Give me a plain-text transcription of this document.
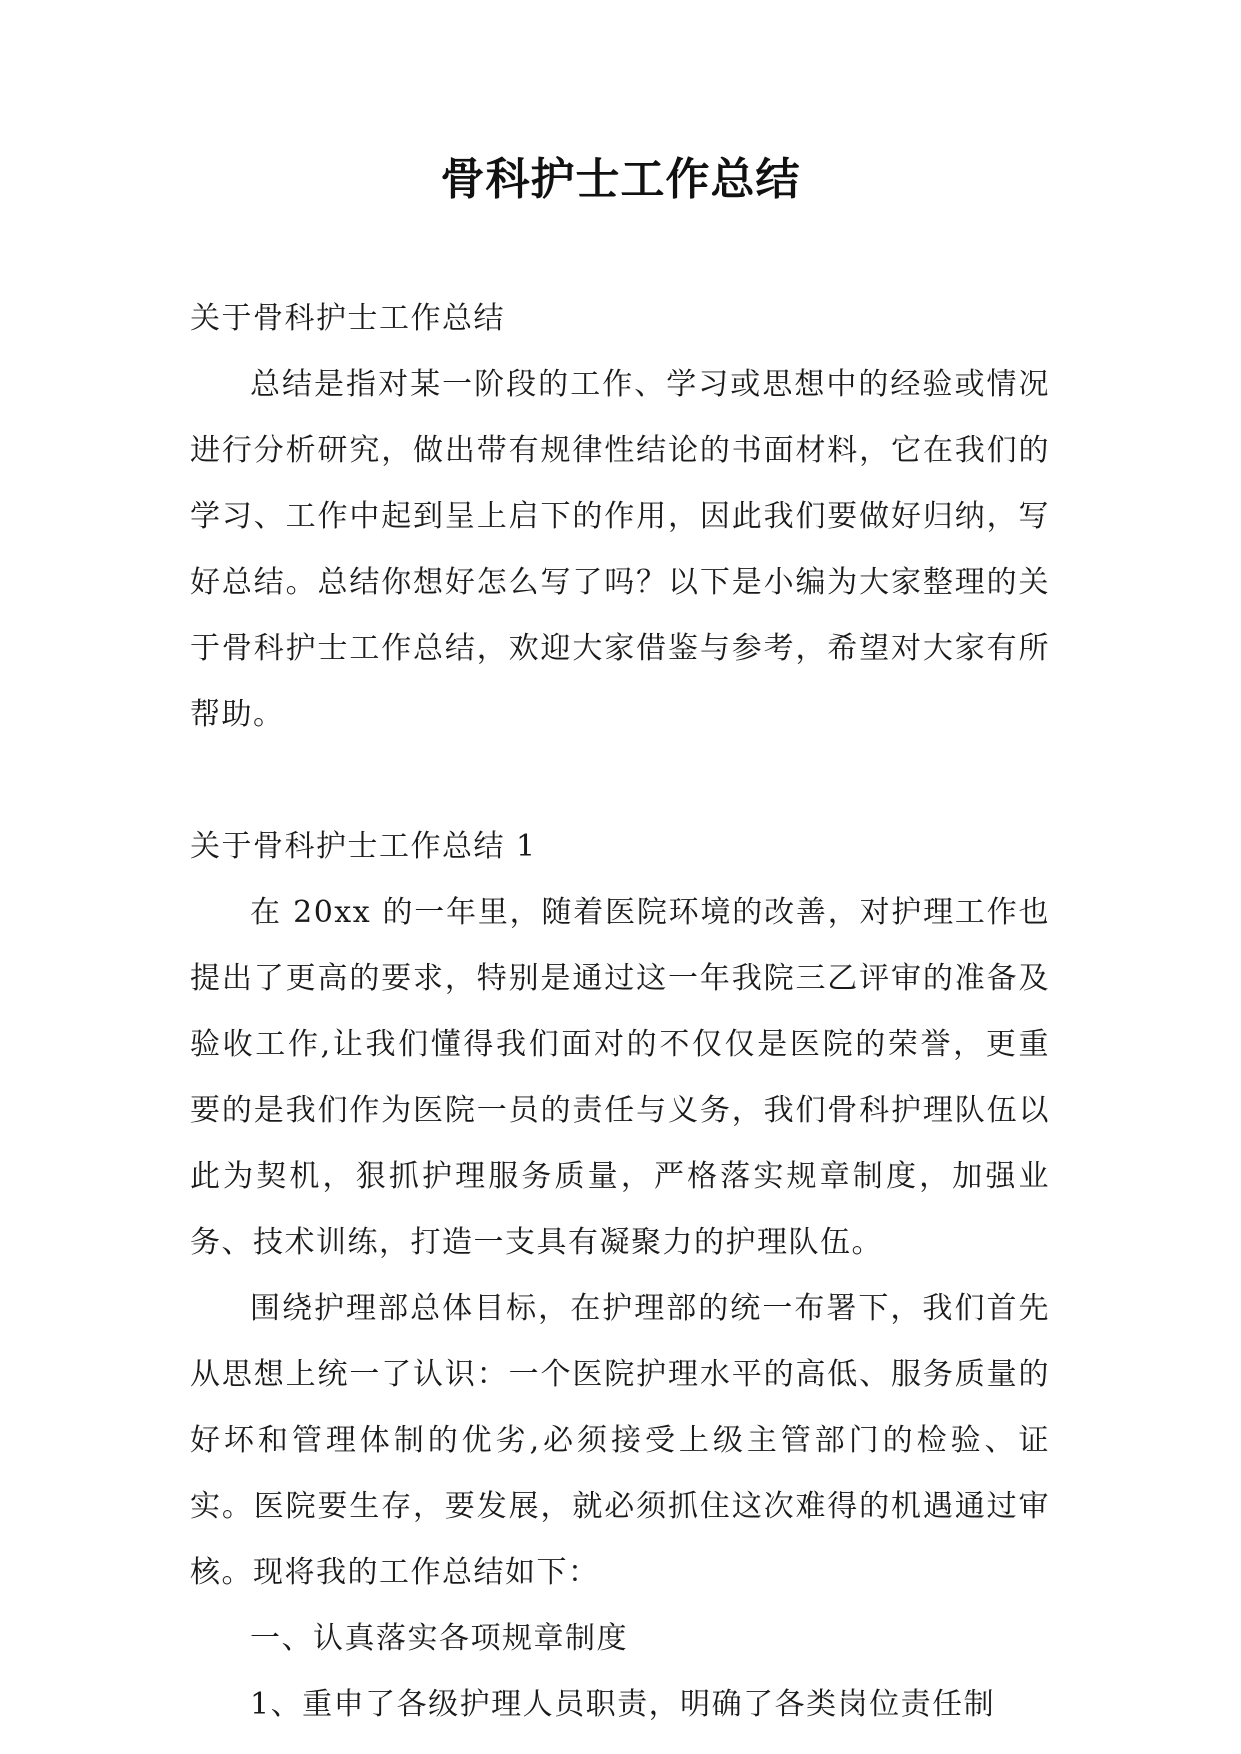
骨科护士工作总结

关于骨科护士工作总结

总结是指对某一阶段的工作、学习或思想中的经验或情况进行分析研究，做出带有规律性结论的书面材料，它在我们的学习、工作中起到呈上启下的作用，因此我们要做好归纳，写好总结。总结你想好怎么写了吗？以下是小编为大家整理的关于骨科护士工作总结，欢迎大家借鉴与参考，希望对大家有所帮助。

关于骨科护士工作总结 1

在 20xx 的一年里，随着医院环境的改善，对护理工作也提出了更高的要求，特别是通过这一年我院三乙评审的准备及验收工作,让我们懂得我们面对的不仅仅是医院的荣誉，更重要的是我们作为医院一员的责任与义务，我们骨科护理队伍以此为契机，狠抓护理服务质量，严格落实规章制度，加强业务、技术训练，打造一支具有凝聚力的护理队伍。

围绕护理部总体目标，在护理部的统一布署下，我们首先从思想上统一了认识：一个医院护理水平的高低、服务质量的好坏和管理体制的优劣,必须接受上级主管部门的检验、证实。医院要生存，要发展，就必须抓住这次难得的机遇通过审核。现将我的工作总结如下：

一、认真落实各项规章制度

1、重申了各级护理人员职责，明确了各类岗位责任制
